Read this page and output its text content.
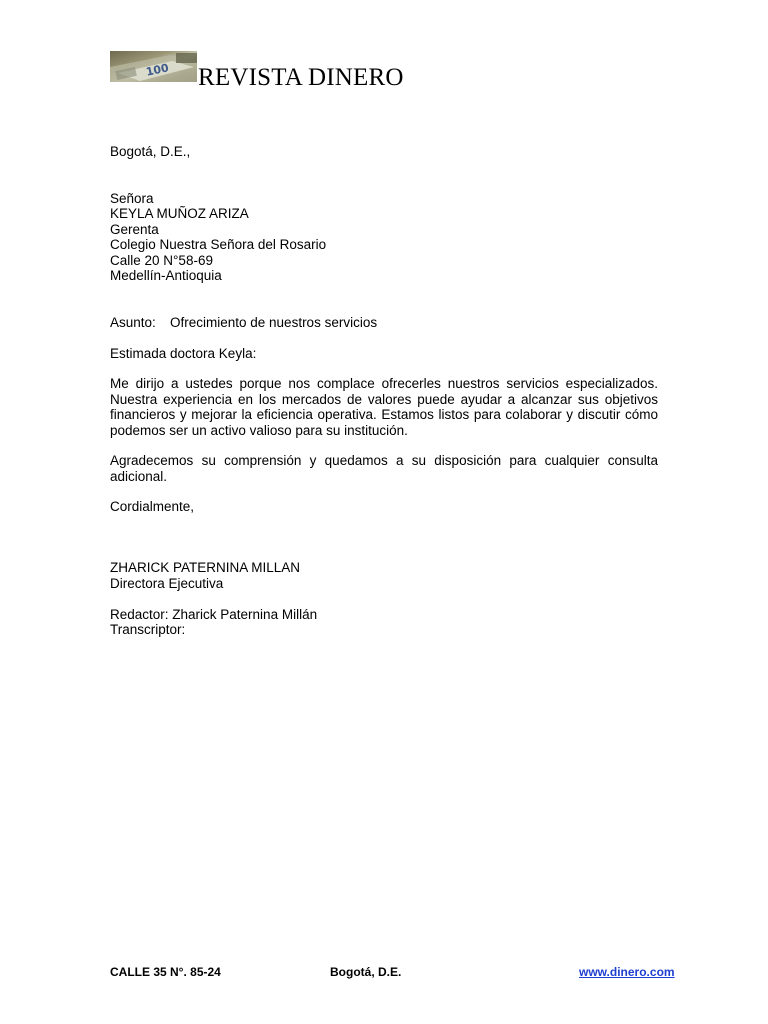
100 REVISTA DINERO
Bogotá, D.E.,
Señora
KEYLA MUÑOZ ARIZA
Gerenta
Colegio Nuestra Señora del Rosario
Calle 20 N°58-69
Medellín-Antioquia
Asunto: Ofrecimiento de nuestros servicios
Estimada doctora Keyla:
Me dirijo a ustedes porque nos complace ofrecerles nuestros servicios especializados. Nuestra experiencia en los mercados de valores puede ayudar a alcanzar sus objetivos financieros y mejorar la eficiencia operativa. Estamos listos para colaborar y discutir cómo podemos ser un activo valioso para su institución.
Agradecemos su comprensión y quedamos a su disposición para cualquier consulta adicional.
Cordialmente,
ZHARICK PATERNINA MILLAN
Directora Ejecutiva
Redactor: Zharick Paternina Millán
Transcriptor:
CALLE 35 N°. 85-24	Bogotá, D.E.	www.dinero.com
